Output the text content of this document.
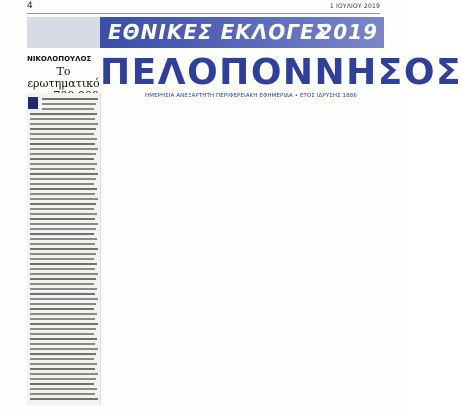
4	1 ΙΟΥΛΙΟΥ 2019
ΕΘΝΙΚΕΣ ΕΚΛΟΓΕΣ
2019
ΠΕΛΟΠΟΝΝΗΣΟΣ
ΗΜΕΡΗΣΙΑ ΑΝΕΞΑΡΤΗΤΗ ΠΕΡΙΦΕΡΕΙΑΚΗ ΕΦΗΜΕΡΙΔΑ • ΕΤΟΣ ΙΔΡΥΣΗΣ 1886
ΝΙΚΟΛΟΠΟΥΛΟΣ
Το ερωτηματικό
